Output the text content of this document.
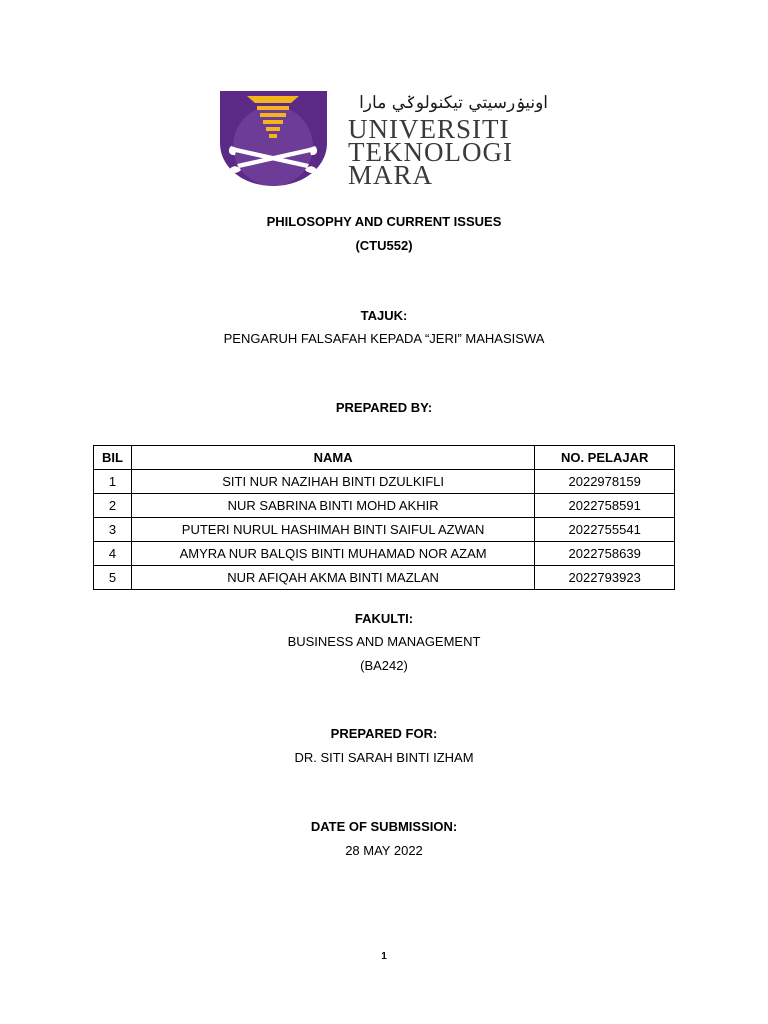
اونيۏرسيتي تيكنولوݢي مارا
UNIVERSITI
TEKNOLOGI
MARA
PHILOSOPHY AND CURRENT ISSUES
(CTU552)
TAJUK:
PENGARUH FALSAFAH KEPADA “JERI” MAHASISWA
PREPARED BY:
BIL	NAMA	NO. PELAJAR
1	SITI NUR NAZIHAH BINTI DZULKIFLI	2022978159
2	NUR SABRINA BINTI MOHD AKHIR	2022758591
3	PUTERI NURUL HASHIMAH BINTI SAIFUL AZWAN	2022755541
4	AMYRA NUR BALQIS BINTI MUHAMAD NOR AZAM	2022758639
5	NUR AFIQAH AKMA BINTI MAZLAN	2022793923
FAKULTI:
BUSINESS AND MANAGEMENT
(BA242)
PREPARED FOR:
DR. SITI SARAH BINTI IZHAM
DATE OF SUBMISSION:
28 MAY 2022
1
